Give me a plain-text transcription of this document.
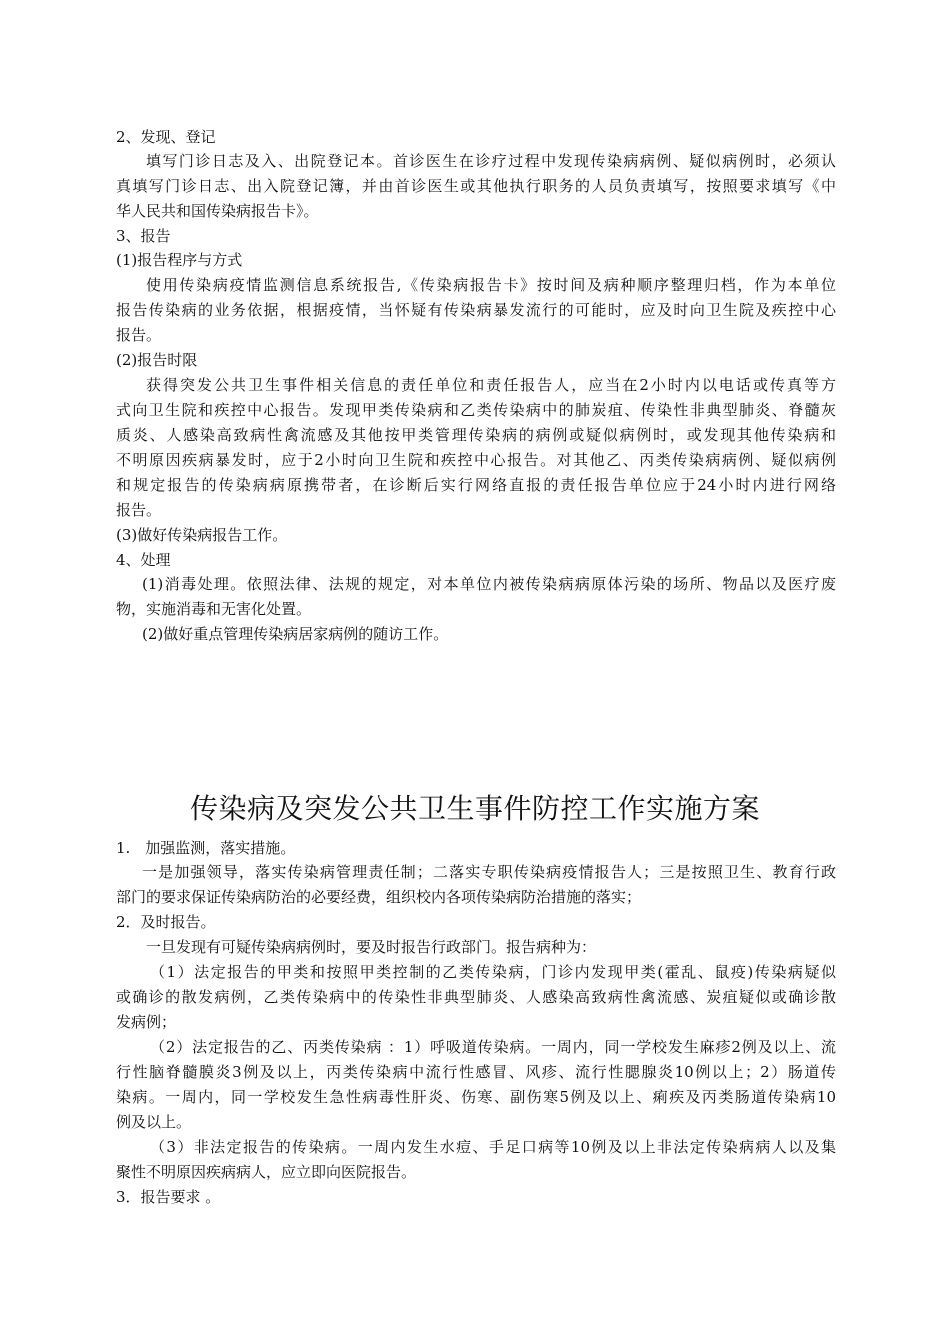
2、发现、登记
填写门诊日志及入、出院登记本。首诊医生在诊疗过程中发现传染病病例、疑似病例时，必须认
真填写门诊日志、出入院登记簿，并由首诊医生或其他执行职务的人员负责填写，按照要求填写《中
华人民共和国传染病报告卡》。
3、报告
(1)报告程序与方式
使用传染病疫情监测信息系统报告,《传染病报告卡》按时间及病种顺序整理归档，作为本单位
报告传染病的业务依据，根据疫情，当怀疑有传染病暴发流行的可能时，应及时向卫生院及疾控中心
报告。
(2)报告时限
获得突发公共卫生事件相关信息的责任单位和责任报告人，应当在2小时内以电话或传真等方
式向卫生院和疾控中心报告。发现甲类传染病和乙类传染病中的肺炭疽、传染性非典型肺炎、脊髓灰
质炎、人感染高致病性禽流感及其他按甲类管理传染病的病例或疑似病例时，或发现其他传染病和
不明原因疾病暴发时，应于2小时向卫生院和疾控中心报告。对其他乙、丙类传染病病例、疑似病例
和规定报告的传染病病原携带者，在诊断后实行网络直报的责任报告单位应于24小时内进行网络
报告。
(3)做好传染病报告工作。
4、处理
(1)消毒处理。依照法律、法规的规定，对本单位内被传染病病原体污染的场所、物品以及医疗废
物，实施消毒和无害化处置。
(2)做好重点管理传染病居家病例的随访工作。
传染病及突发公共卫生事件防控工作实施方案
1.　加强监测，落实措施。
一是加强领导，落实传染病管理责任制；二落实专职传染病疫情报告人；三是按照卫生、教育行政
部门的要求保证传染病防治的必要经费，组织校内各项传染病防治措施的落实；
2．及时报告。
一旦发现有可疑传染病病例时，要及时报告行政部门。报告病种为：
（1）法定报告的甲类和按照甲类控制的乙类传染病，门诊内发现甲类(霍乱、鼠疫)传染病疑似
或确诊的散发病例，乙类传染病中的传染性非典型肺炎、人感染高致病性禽流感、炭疽疑似或确诊散
发病例；
（2）法定报告的乙、丙类传染病 ：1）呼吸道传染病。一周内，同一学校发生麻疹2例及以上、流
行性脑脊髓膜炎3例及以上，丙类传染病中流行性感冒、风疹、流行性腮腺炎10例以上；2）肠道传
染病。一周内，同一学校发生急性病毒性肝炎、伤寒、副伤寒5例及以上、痢疾及丙类肠道传染病10
例及以上。
（3）非法定报告的传染病。一周内发生水痘、手足口病等10例及以上非法定传染病病人以及集
聚性不明原因疾病病人，应立即向医院报告。
3．报告要求 。
